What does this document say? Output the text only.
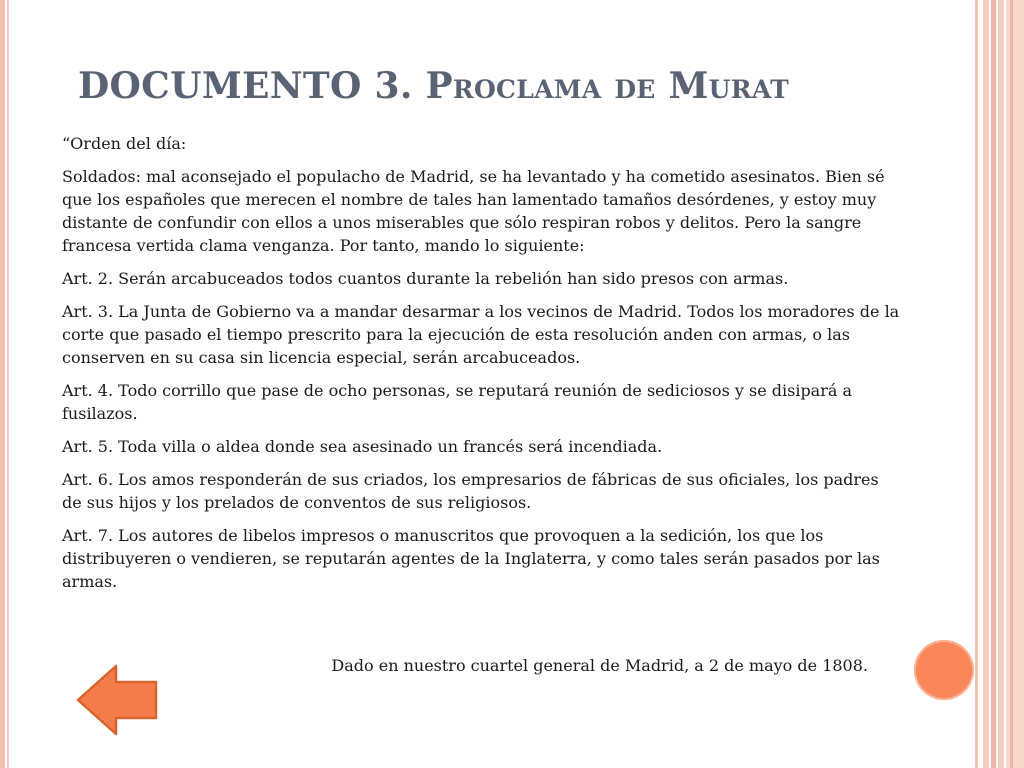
DOCUMENTO 3. Proclama de Murat

“Orden del día:

Soldados: mal aconsejado el populacho de Madrid, se ha levantado y ha cometido asesinatos. Bien sé que los españoles que merecen el nombre de tales han lamentado tamaños desórdenes, y estoy muy distante de confundir con ellos a unos miserables que sólo respiran robos y delitos. Pero la sangre francesa vertida clama venganza. Por tanto, mando lo siguiente:

Art. 2. Serán arcabuceados todos cuantos durante la rebelión han sido presos con armas.

Art. 3. La Junta de Gobierno va a mandar desarmar a los vecinos de Madrid. Todos los moradores de la corte que pasado el tiempo prescrito para la ejecución de esta resolución anden con armas, o las conserven en su casa sin licencia especial, serán arcabuceados.

Art. 4. Todo corrillo que pase de ocho personas, se reputará reunión de sediciosos y se disipará a fusilazos.

Art. 5. Toda villa o aldea donde sea asesinado un francés será incendiada.

Art. 6. Los amos responderán de sus criados, los empresarios de fábricas de sus oficiales, los padres de sus hijos y los prelados de conventos de sus religiosos.

Art. 7. Los autores de libelos impresos o manuscritos que provoquen a la sedición, los que los distribuyeren o vendieren, se reputarán agentes de la Inglaterra, y como tales serán pasados por las armas.

Dado en nuestro cuartel general de Madrid, a 2 de mayo de 1808.
